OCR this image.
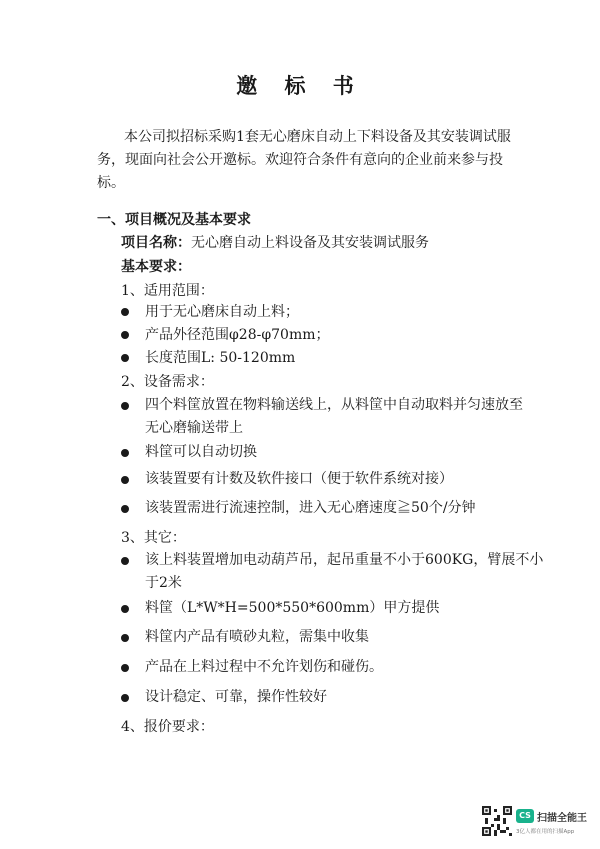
邀 标 书
本公司拟招标采购1套无心磨床自动上下料设备及其安装调试服务，现面向社会公开邀标。欢迎符合条件有意向的企业前来参与投标。
一、项目概况及基本要求
项目名称：无心磨自动上料设备及其安装调试服务
基本要求：
1、适用范围：
用于无心磨床自动上料；
产品外径范围φ28-φ70mm；
长度范围L: 50-120mm
2、设备需求：
四个料筐放置在物料输送线上，从料筐中自动取料并匀速放至
无心磨输送带上
料筐可以自动切换
该装置要有计数及软件接口（便于软件系统对接）
该装置需进行流速控制，进入无心磨速度≧50个/分钟
3、其它：
该上料装置增加电动葫芦吊，起吊重量不小于600KG，臂展不小
于2米
料筐（L*W*H=500*550*600mm）甲方提供
料筐内产品有喷砂丸粒，需集中收集
产品在上料过程中不允许划伤和碰伤。
设计稳定、可靠，操作性较好
4、报价要求：
CS 扫描全能王
3亿人都在用的扫描App
